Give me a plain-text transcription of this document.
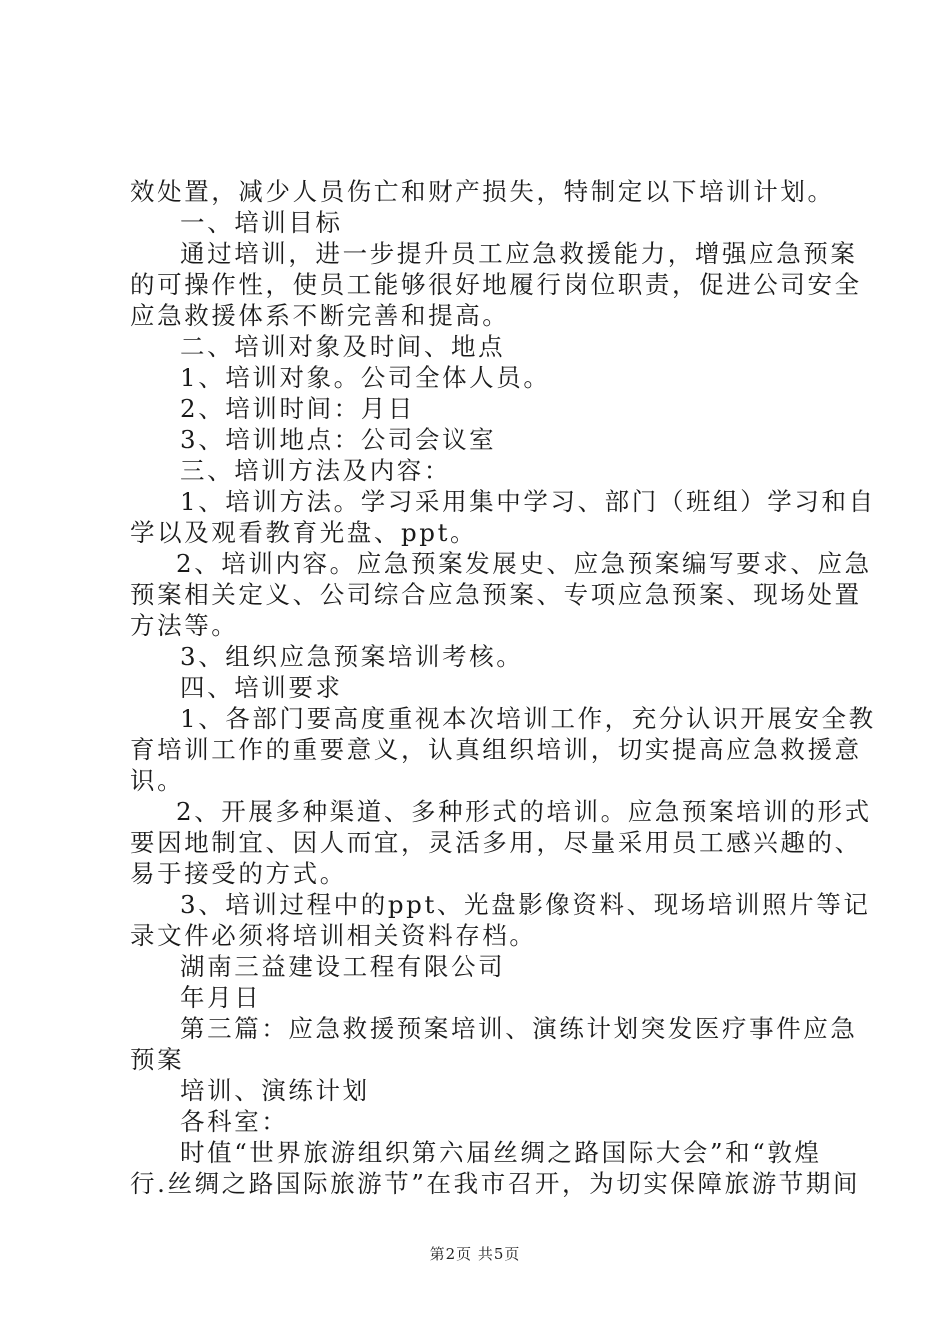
效处置，减少人员伤亡和财产损失，特制定以下培训计划。
一、培训目标
通过培训，进一步提升员工应急救援能力，增强应急预案
的可操作性，使员工能够很好地履行岗位职责，促进公司安全
应急救援体系不断完善和提高。
二、培训对象及时间、地点
1、培训对象。公司全体人员。
2、培训时间：月日
3、培训地点：公司会议室
三、培训方法及内容：
1、培训方法。学习采用集中学习、部门（班组）学习和自
学以及观看教育光盘、ppt。
2、培训内容。应急预案发展史、应急预案编写要求、应急
预案相关定义、公司综合应急预案、专项应急预案、现场处置
方法等。
3、组织应急预案培训考核。
四、培训要求
1、各部门要高度重视本次培训工作，充分认识开展安全教
育培训工作的重要意义，认真组织培训，切实提高应急救援意
识。
2、开展多种渠道、多种形式的培训。应急预案培训的形式
要因地制宜、因人而宜，灵活多用，尽量采用员工感兴趣的、
易于接受的方式。
3、培训过程中的ppt、光盘影像资料、现场培训照片等记
录文件必须将培训相关资料存档。
湖南三益建设工程有限公司
年月日
第三篇：应急救援预案培训、演练计划突发医疗事件应急
预案
培训、演练计划
各科室：
时值“世界旅游组织第六届丝绸之路国际大会”和“敦煌
行.丝绸之路国际旅游节”在我市召开，为切实保障旅游节期间
第2页 共5页
